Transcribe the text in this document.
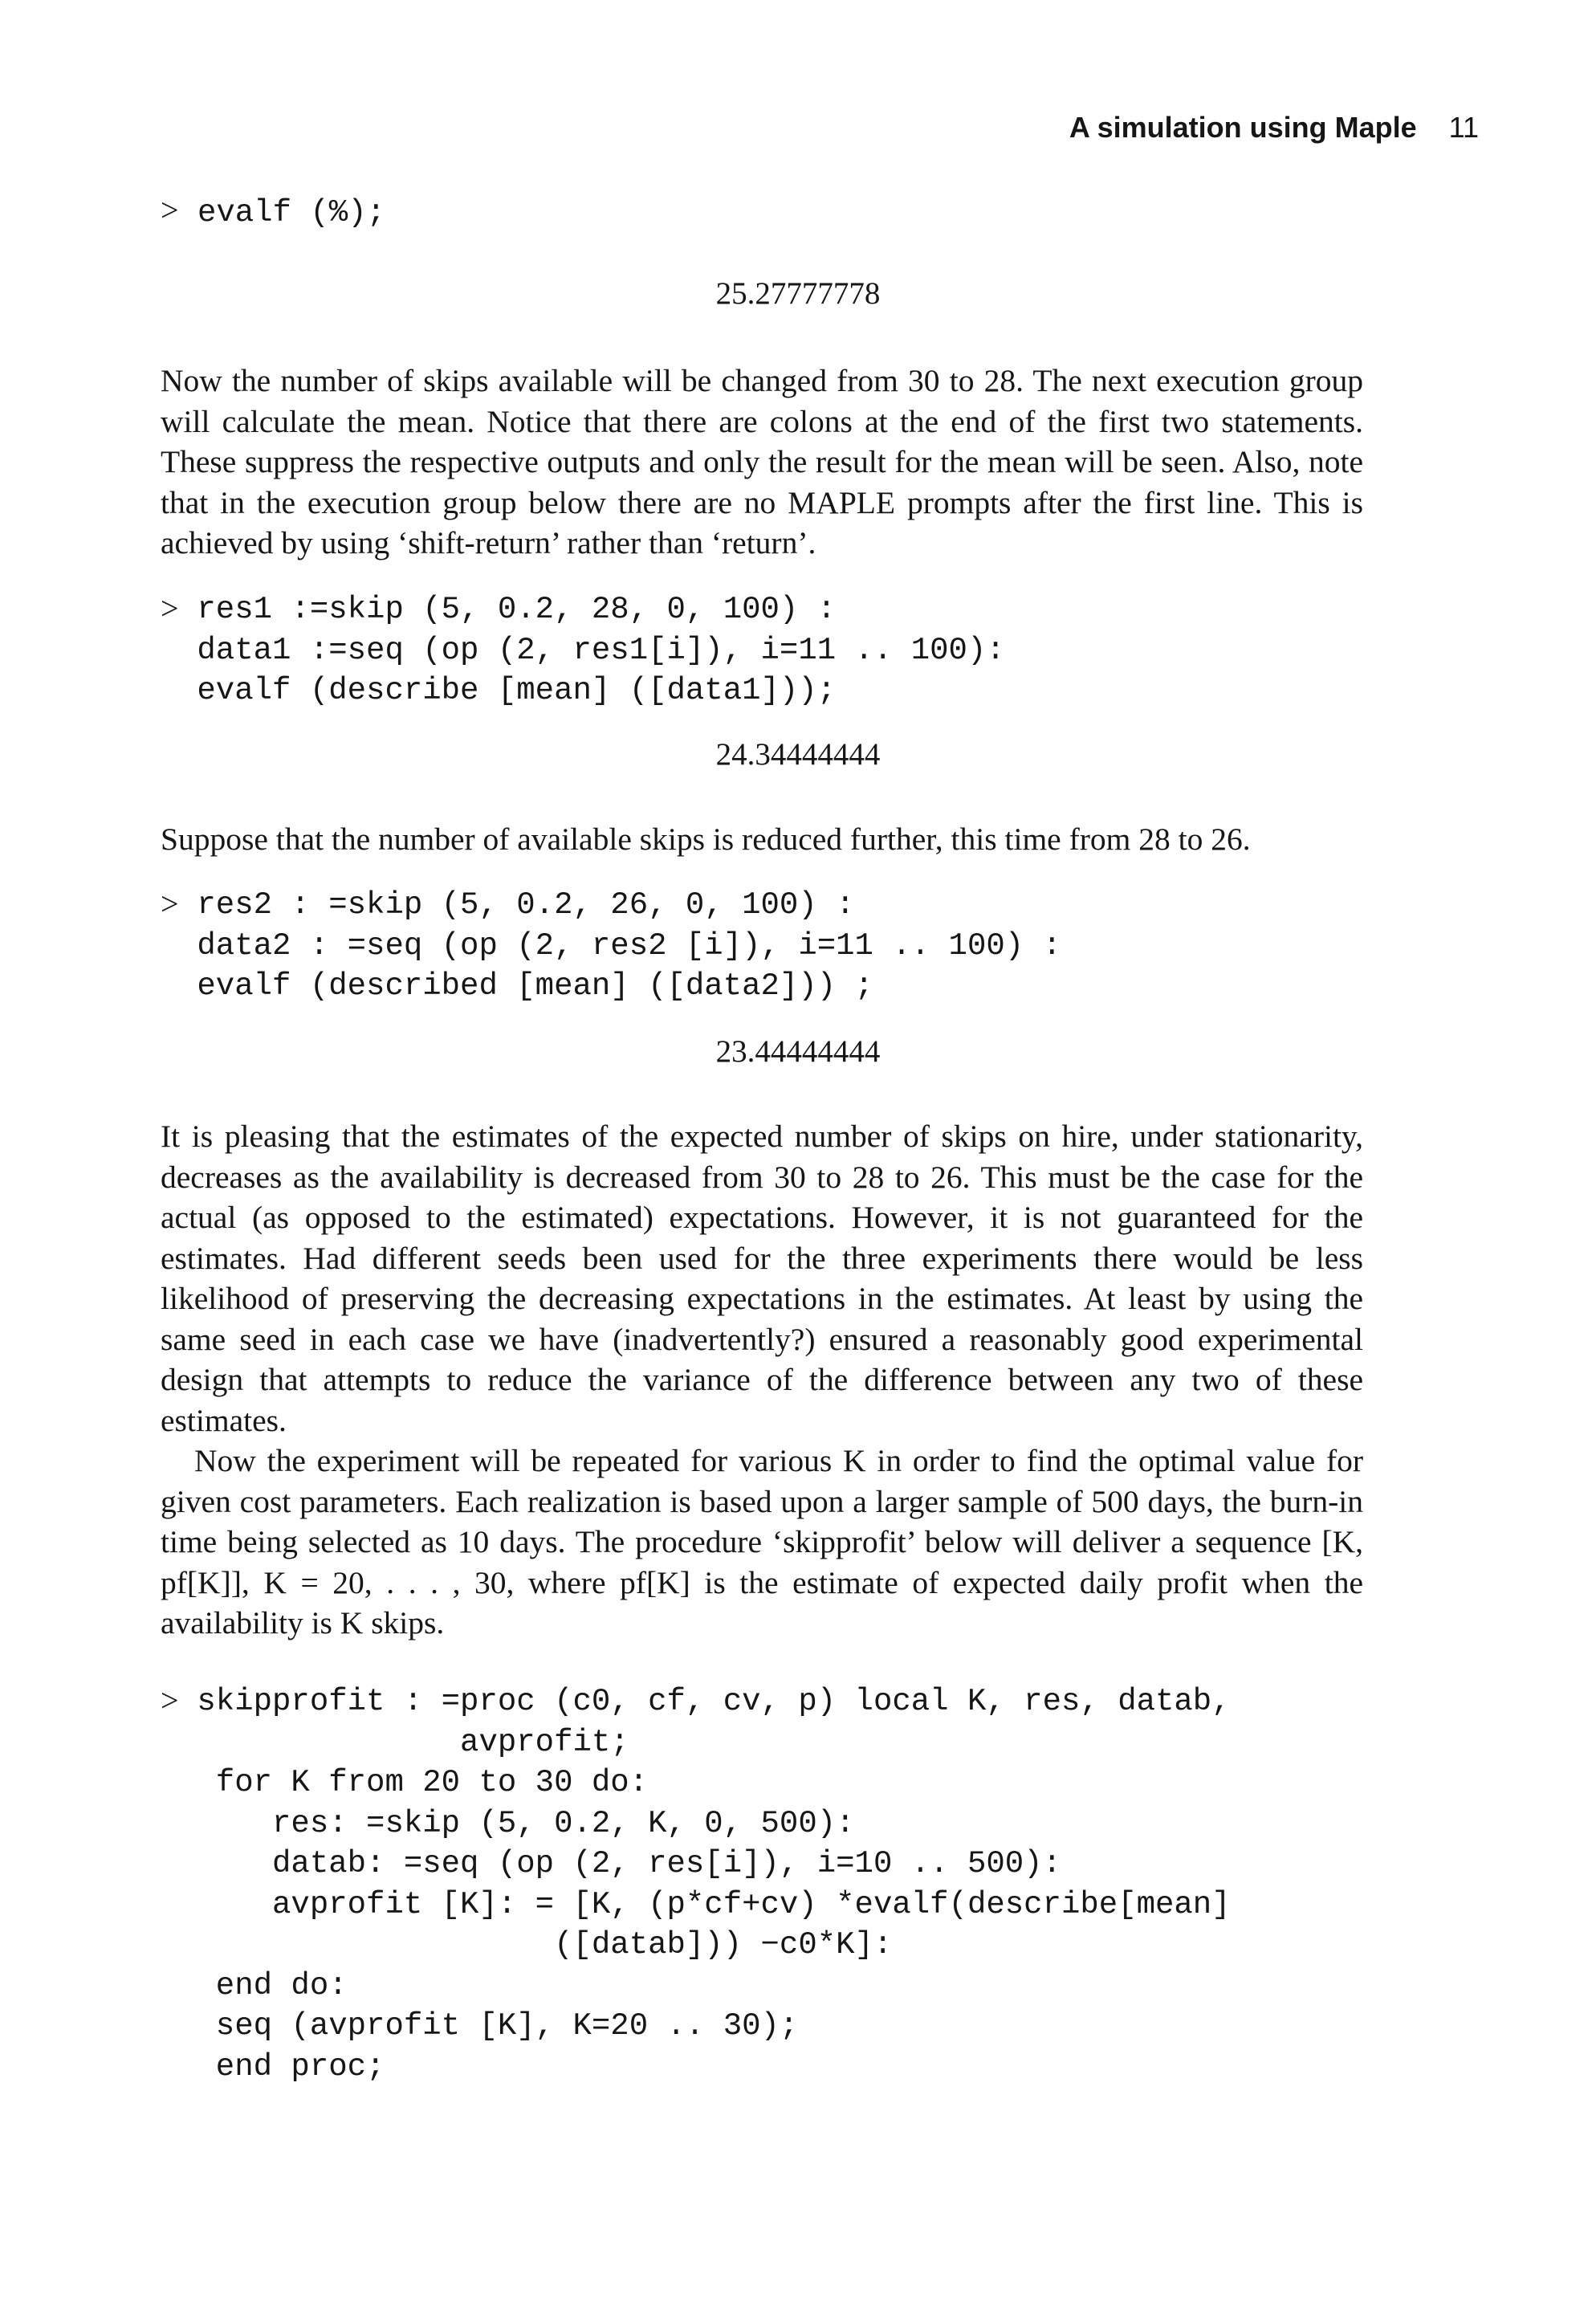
A simulation using Maple 11
> evalf (%);
25.27777778

Now the number of skips available will be changed from 30 to 28. The next execution group will calculate the mean. Notice that there are colons at the end of the first two statements. These suppress the respective outputs and only the result for the mean will be seen. Also, note that in the execution group below there are no MAPLE prompts after the first line. This is achieved by using ‘shift-return’ rather than ‘return’.

> res1 :=skip (5, 0.2, 28, 0, 100) :
data1 :=seq (op (2, res1[i]), i=11 .. 100):
evalf (describe [mean] ([data1]));
24.34444444

Suppose that the number of available skips is reduced further, this time from 28 to 26.

> res2 : =skip (5, 0.2, 26, 0, 100) :
data2 : =seq (op (2, res2 [i]), i=11 .. 100) :
evalf (described [mean] ([data2])) ;
23.44444444

It is pleasing that the estimates of the expected number of skips on hire, under stationarity, decreases as the availability is decreased from 30 to 28 to 26. This must be the case for the actual (as opposed to the estimated) expectations. However, it is not guaranteed for the estimates. Had different seeds been used for the three experiments there would be less likelihood of preserving the decreasing expectations in the estimates. At least by using the same seed in each case we have (inadvertently?) ensured a reasonably good experimental design that attempts to reduce the variance of the difference between any two of these estimates.

Now the experiment will be repeated for various K in order to find the optimal value for given cost parameters. Each realization is based upon a larger sample of 500 days, the burn-in time being selected as 10 days. The procedure ‘skipprofit’ below will deliver a sequence [K, pf[K]], K = 20, . . . , 30, where pf[K] is the estimate of expected daily profit when the availability is K skips.

> skipprofit : =proc (c0, cf, cv, p) local K, res, datab,
avprofit;
for K from 20 to 30 do:
res: =skip (5, 0.2, K, 0, 500):
datab: =seq (op (2, res[i]), i=10 .. 500):
avprofit [K]: = [K, (p*cf+cv) *evalf(describe[mean]
([datab])) −c0*K]:
end do:
seq (avprofit [K], K=20 .. 30);
end proc;
